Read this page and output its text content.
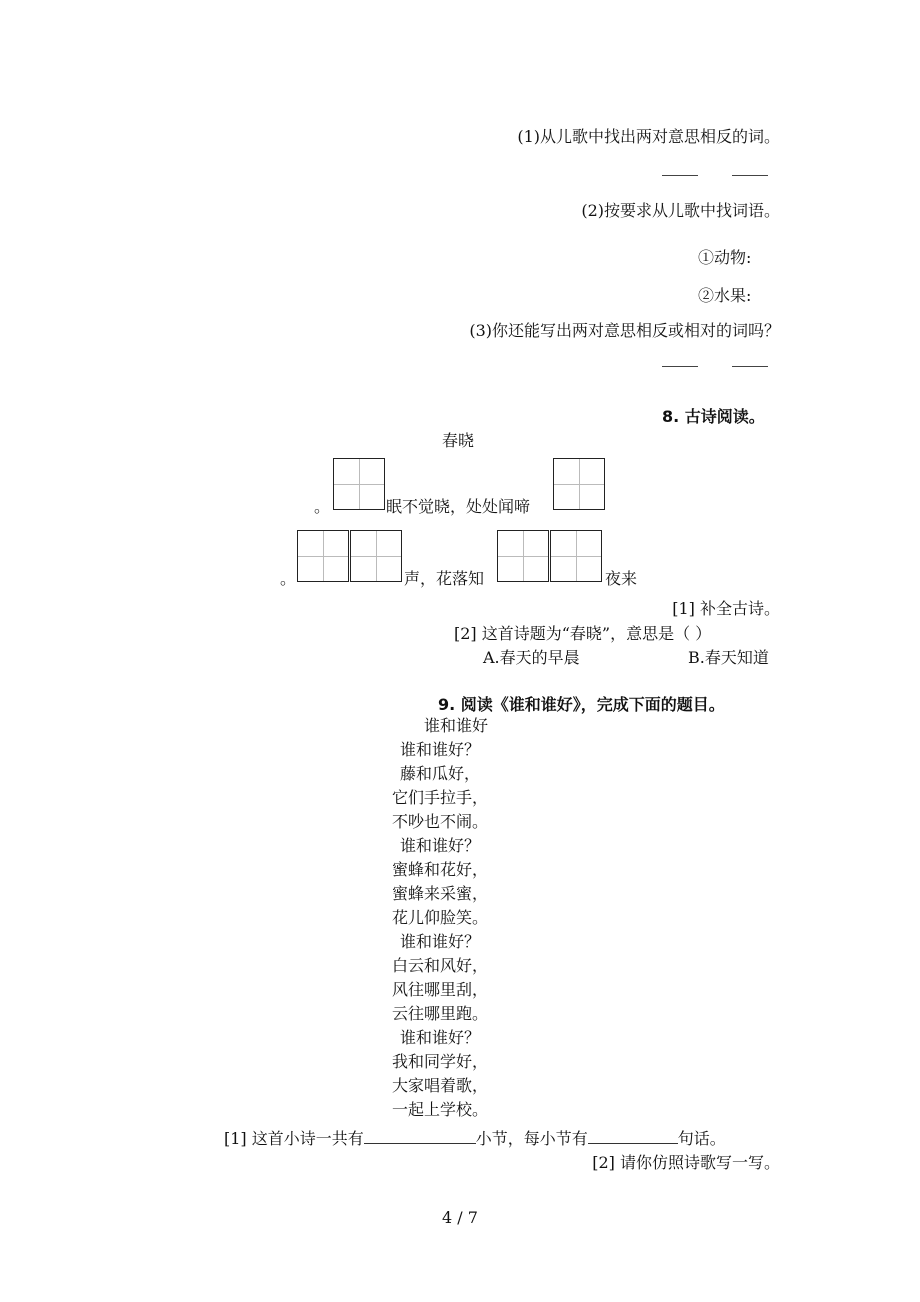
(1)从儿歌中找出两对意思相反的词。
(2)按要求从儿歌中找词语。
①动物:
②水果:
(3)你还能写出两对意思相反或相对的词吗？
8. 古诗阅读。
春晓
。	眠不觉晓，处处闻啼
。	声，花落知	夜来
[1] 补全古诗。
[2] 这首诗题为“春晓”，意思是（ ）
A.春天的早晨	B.春天知道
9. 阅读《谁和谁好》，完成下面的题目。
谁和谁好
谁和谁好？
藤和瓜好，
它们手拉手，
不吵也不闹。
谁和谁好？
蜜蜂和花好，
蜜蜂来采蜜，
花儿仰脸笑。
谁和谁好？
白云和风好，
风往哪里刮，
云往哪里跑。
谁和谁好？
我和同学好，
大家唱着歌，
一起上学校。
[1] 这首小诗一共有	小节，每小节有	句话。
[2] 请你仿照诗歌写一写。
4 / 7
